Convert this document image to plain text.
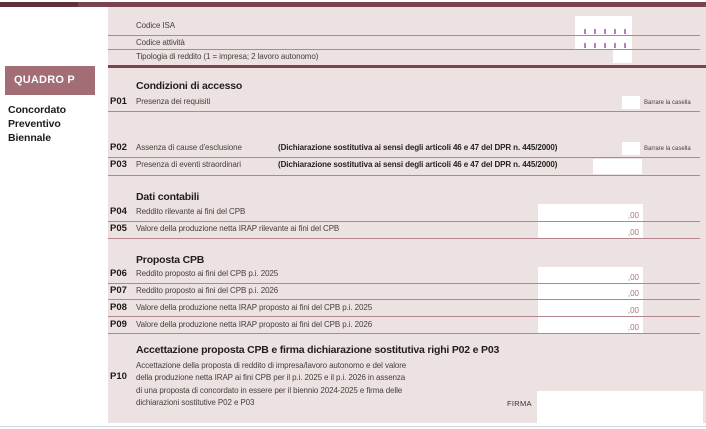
QUADRO P
Concordato
Preventivo
Biennale
Codice ISA
Codice attività
Tipologia di reddito (1 = impresa; 2 lavoro autonomo)
Condizioni di accesso
P01 Presenza dei requisiti	Barrare la casella
P02 Assenza di cause d'esclusione	(Dichiarazione sostitutiva ai sensi degli articoli 46 e 47 del DPR n. 445/2000)	Barrare la casella
P03 Presenza di eventi straordinari	(Dichiarazione sostitutiva ai sensi degli articoli 46 e 47 del DPR n. 445/2000)
Dati contabili
P04 Reddito rilevante ai fini del CPB	,00
P05 Valore della produzione netta IRAP rilevante ai fini del CPB	,00
Proposta CPB
P06 Reddito proposto ai fini del CPB p.i. 2025	,00
P07 Reddito proposto ai fini del CPB p.i. 2026	,00
P08 Valore della produzione netta IRAP proposto ai fini del CPB p.i. 2025	,00
P09 Valore della produzione netta IRAP proposto ai fini del CPB p.i. 2026	,00
Accettazione proposta CPB e firma dichiarazione sostitutiva righi P02 e P03
P10
Accettazione della proposta di reddito di impresa/lavoro autonomo e del valore
della produzione netta IRAP ai fini CPB per il p.i. 2025 e il p.i. 2026 in assenza
di una proposta di concordato in essere per il biennio 2024-2025 e firma delle
dichiarazioni sostitutive P02 e P03	FIRMA
